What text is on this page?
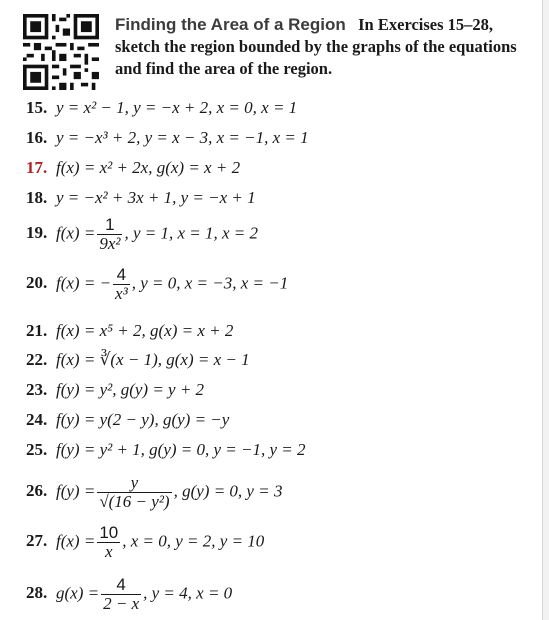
Finding the Area of a Region In Exercises 15–28, sketch the region bounded by the graphs of the equations and find the area of the region.
15. y = x² − 1, y = −x + 2, x = 0, x = 1
16. y = −x³ + 2, y = x − 3, x = −1, x = 1
17. f(x) = x² + 2x, g(x) = x + 2
18. y = −x² + 3x + 1, y = −x + 1
19. $f(x) = \frac{1}{\text{9x²}}$ , y = 1, x = 1, x = 2
20. f(x) = − $\frac{4}{\text{x³}}$ , y = 0, x = −3, x = −1
21. f(x) = x⁵ + 2, g(x) = x + 2
22. f(x) = ∛(x − 1), g(x) = x − 1
23. f(y) = y², g(y) = y + 2
24. f(y) = y(2 − y), g(y) = −y
25. f(y) = y² + 1, g(y) = 0, y = −1, y = 2
26. $f(y) = \frac{y}{\text{√(16 − y²)}}$ , g(y) = 0, y = 3
27. $f(x) = \frac{10}{x}$ , x = 0, y = 2, y = 10
28. $g(x) = \frac{4}{2 - x}$ , y = 4, x = 0
